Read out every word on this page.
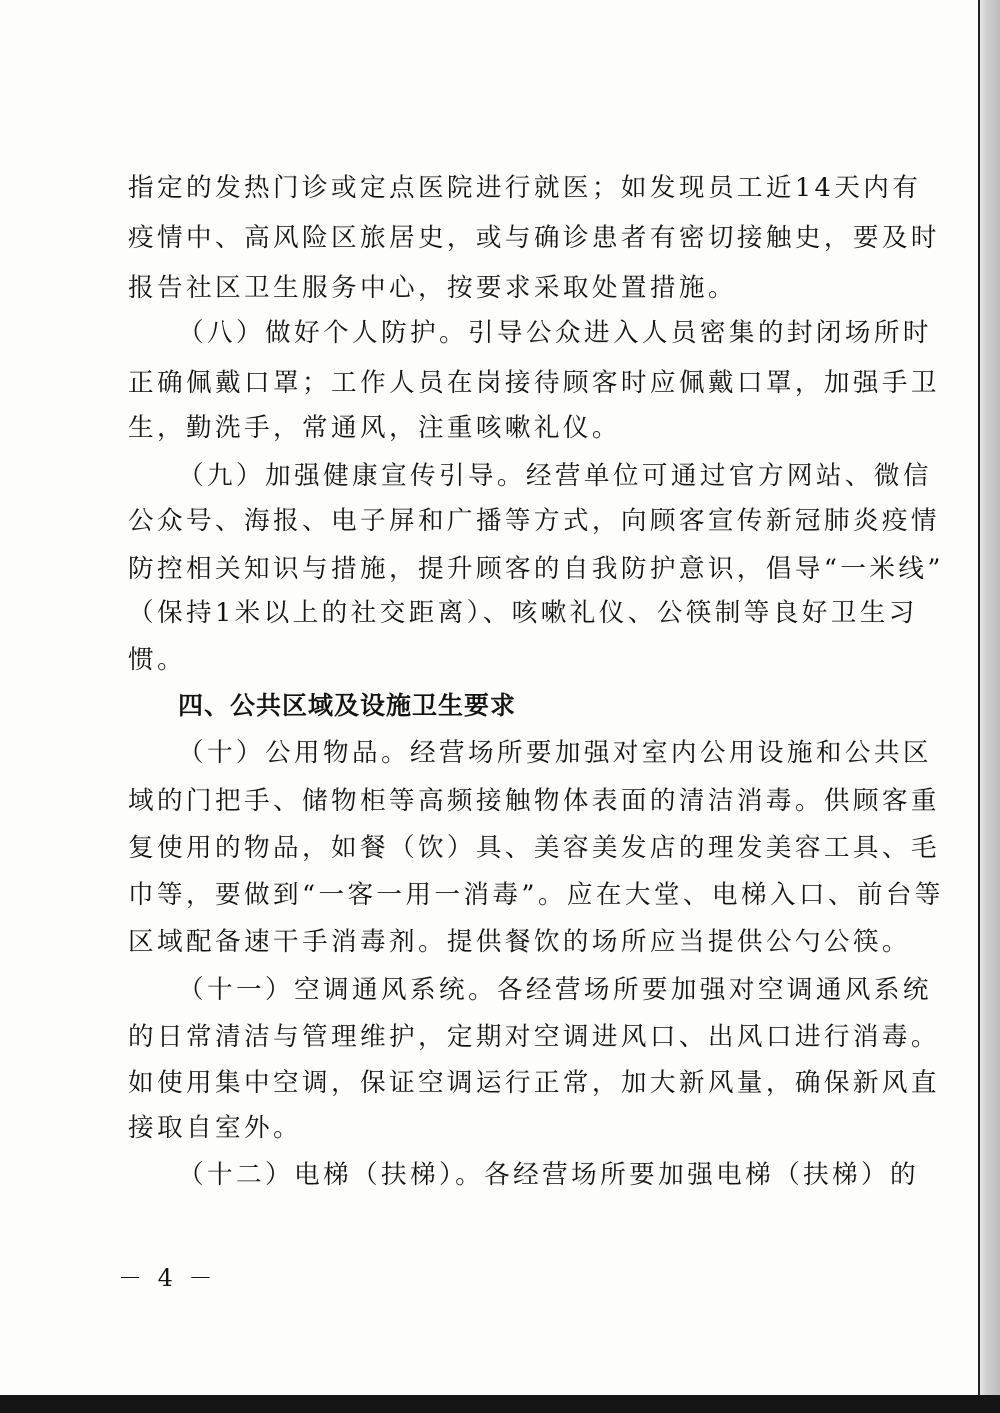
指定的发热门诊或定点医院进行就医；如发现员工近14天内有
疫情中、高风险区旅居史，或与确诊患者有密切接触史，要及时
报告社区卫生服务中心，按要求采取处置措施。
（八）做好个人防护。引导公众进入人员密集的封闭场所时
正确佩戴口罩；工作人员在岗接待顾客时应佩戴口罩，加强手卫
生，勤洗手，常通风，注重咳嗽礼仪。
（九）加强健康宣传引导。经营单位可通过官方网站、微信
公众号、海报、电子屏和广播等方式，向顾客宣传新冠肺炎疫情
防控相关知识与措施，提升顾客的自我防护意识，倡导“一米线”
（保持1米以上的社交距离）、咳嗽礼仪、公筷制等良好卫生习
惯。
四、公共区域及设施卫生要求
（十）公用物品。经营场所要加强对室内公用设施和公共区
域的门把手、储物柜等高频接触物体表面的清洁消毒。供顾客重
复使用的物品，如餐（饮）具、美容美发店的理发美容工具、毛
巾等，要做到“一客一用一消毒”。应在大堂、电梯入口、前台等
区域配备速干手消毒剂。提供餐饮的场所应当提供公勺公筷。
（十一）空调通风系统。各经营场所要加强对空调通风系统
的日常清洁与管理维护，定期对空调进风口、出风口进行消毒。
如使用集中空调，保证空调运行正常，加大新风量，确保新风直
接取自室外。
（十二）电梯（扶梯）。各经营场所要加强电梯（扶梯）的
－ 4 －
